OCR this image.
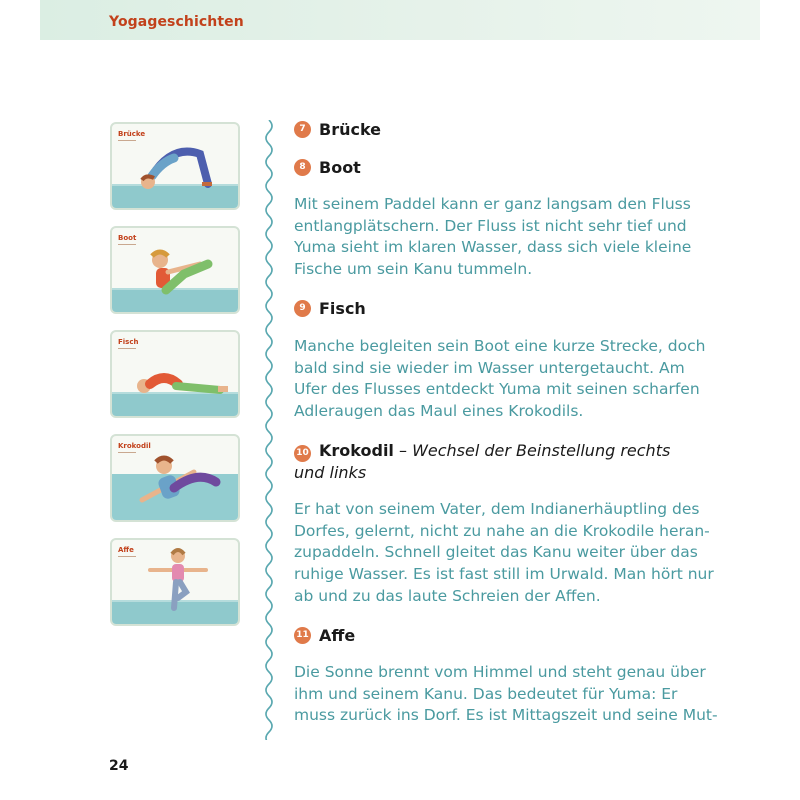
Yogageschichten
Brücke
Boot
Fisch
Krokodil
Affe
7 Brücke
8 Boot
Mit seinem Paddel kann er ganz langsam den Fluss
entlangplätschern. Der Fluss ist nicht sehr tief und
Yuma sieht im klaren Wasser, dass sich viele kleine
Fische um sein Kanu tummeln.
9 Fisch
Manche begleiten sein Boot eine kurze Strecke, doch
bald sind sie wieder im Wasser untergetaucht. Am
Ufer des Flusses entdeckt Yuma mit seinen scharfen
Adleraugen das Maul eines Krokodils.
10 Krokodil – Wechsel der Beinstellung rechts und links
Er hat von seinem Vater, dem Indianerhäuptling des
Dorfes, gelernt, nicht zu nahe an die Krokodile heran-
zupaddeln. Schnell gleitet das Kanu weiter über das
ruhige Wasser. Es ist fast still im Urwald. Man hört nur
ab und zu das laute Schreien der Affen.
11 Affe
Die Sonne brennt vom Himmel und steht genau über
ihm und seinem Kanu. Das bedeutet für Yuma: Er
muss zurück ins Dorf. Es ist Mittagszeit und seine Mut-
24
